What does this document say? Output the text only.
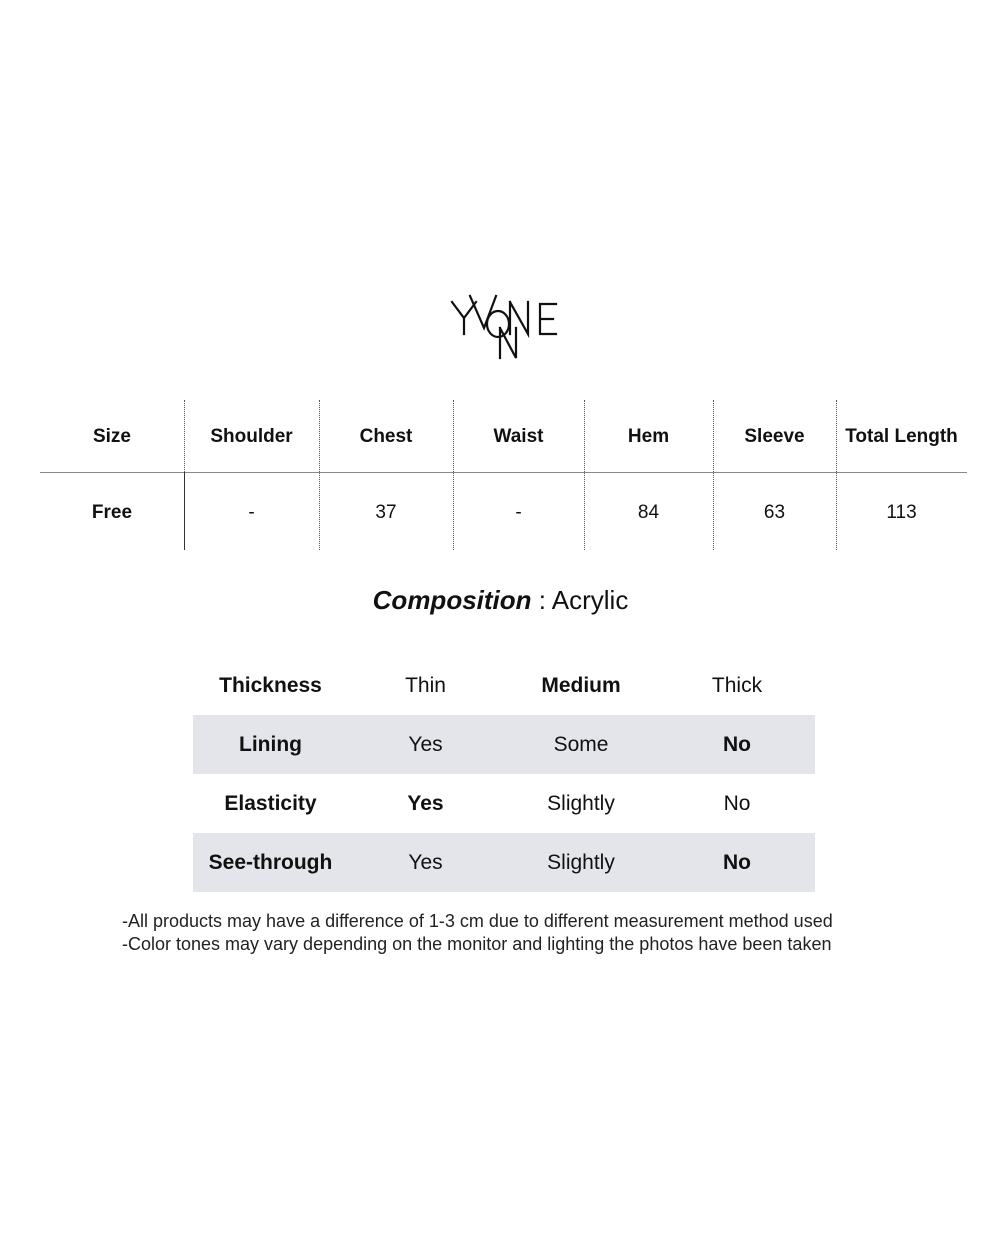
Size	Shoulder	Chest	Waist	Hem	Sleeve	Total Length
Free	-	37	-	84	63	113
Composition : Acrylic
Thickness	Thin	Medium	Thick
Lining	Yes	Some	No
Elasticity	Yes	Slightly	No
See-through	Yes	Slightly	No
-All products may have a difference of 1-3 cm due to different measurement method used
-Color tones may vary depending on the monitor and lighting the photos have been taken
